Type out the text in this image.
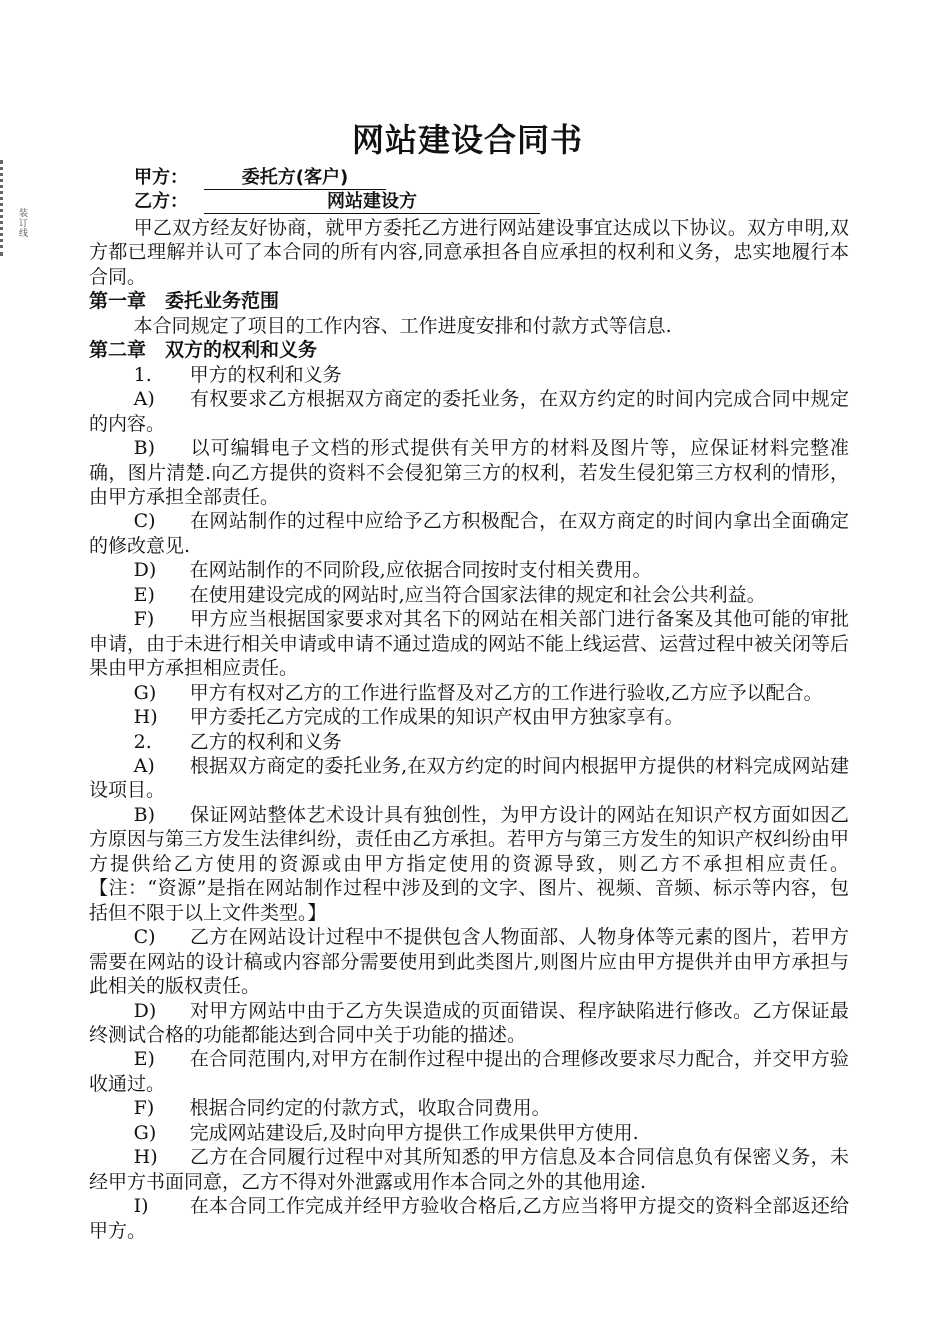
装订线
网站建设合同书
甲方：	委托方(客户)
乙方：	网站建设方

甲乙双方经友好协商，就甲方委托乙方进行网站建设事宜达成以下协议。双方申明,双方都已理解并认可了本合同的所有内容,同意承担各自应承担的权利和义务，忠实地履行本合同。

第一章　委托业务范围

本合同规定了项目的工作内容、工作进度安排和付款方式等信息.

第二章　双方的权利和义务

1. 甲方的权利和义务

A) 有权要求乙方根据双方商定的委托业务，在双方约定的时间内完成合同中规定的内容。

B) 以可编辑电子文档的形式提供有关甲方的材料及图片等，应保证材料完整准确，图片清楚.向乙方提供的资料不会侵犯第三方的权利，若发生侵犯第三方权利的情形，由甲方承担全部责任。

C) 在网站制作的过程中应给予乙方积极配合，在双方商定的时间内拿出全面确定的修改意见.

D) 在网站制作的不同阶段,应依据合同按时支付相关费用。

E) 在使用建设完成的网站时,应当符合国家法律的规定和社会公共利益。

F) 甲方应当根据国家要求对其名下的网站在相关部门进行备案及其他可能的审批申请，由于未进行相关申请或申请不通过造成的网站不能上线运营、运营过程中被关闭等后果由甲方承担相应责任。

G) 甲方有权对乙方的工作进行监督及对乙方的工作进行验收,乙方应予以配合。

H) 甲方委托乙方完成的工作成果的知识产权由甲方独家享有。

2. 乙方的权利和义务

A) 根据双方商定的委托业务,在双方约定的时间内根据甲方提供的材料完成网站建设项目。

B) 保证网站整体艺术设计具有独创性，为甲方设计的网站在知识产权方面如因乙方原因与第三方发生法律纠纷，责任由乙方承担。若甲方与第三方发生的知识产权纠纷由甲方提供给乙方使用的资源或由甲方指定使用的资源导致，则乙方不承担相应责任。【注：“资源”是指在网站制作过程中涉及到的文字、图片、视频、音频、标示等内容，包括但不限于以上文件类型。】

C) 乙方在网站设计过程中不提供包含人物面部、人物身体等元素的图片，若甲方需要在网站的设计稿或内容部分需要使用到此类图片,则图片应由甲方提供并由甲方承担与此相关的版权责任。

D) 对甲方网站中由于乙方失误造成的页面错误、程序缺陷进行修改。乙方保证最终测试合格的功能都能达到合同中关于功能的描述。

E) 在合同范围内,对甲方在制作过程中提出的合理修改要求尽力配合，并交甲方验收通过。

F) 根据合同约定的付款方式，收取合同费用。

G) 完成网站建设后,及时向甲方提供工作成果供甲方使用.

H) 乙方在合同履行过程中对其所知悉的甲方信息及本合同信息负有保密义务，未经甲方书面同意，乙方不得对外泄露或用作本合同之外的其他用途.

I) 在本合同工作完成并经甲方验收合格后,乙方应当将甲方提交的资料全部返还给甲方。
